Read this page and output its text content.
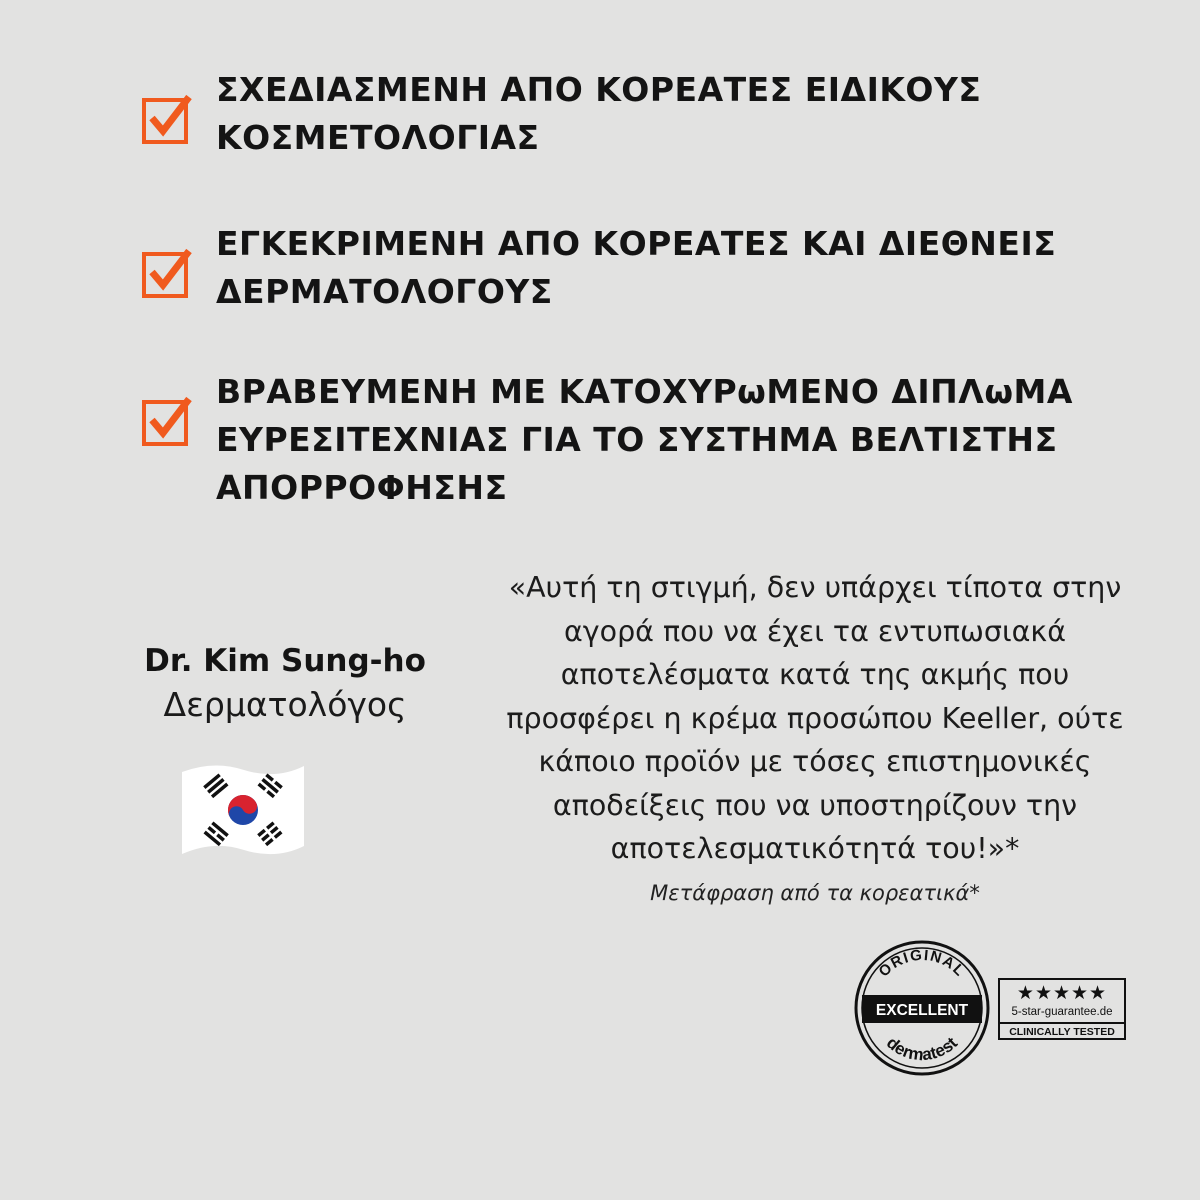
ΣΧΕΔΙΑΣΜΕΝΗ ΑΠΟ ΚΟΡΕΑΤΕΣ ΕΙΔΙΚΟΥΣ
ΚΟΣΜΕΤΟΛΟΓΙΑΣ
ΕΓΚΕΚΡΙΜΕΝΗ ΑΠΟ ΚΟΡΕΑΤΕΣ ΚΑΙ ΔΙΕΘΝΕΙΣ
ΔΕΡΜΑΤΟΛΟΓΟΥΣ
ΒΡΑΒΕΥΜΕΝΗ ΜΕ ΚΑΤΟΧΥΡωΜΕΝΟ ΔΙΠΛωΜΑ
ΕΥΡΕΣΙΤΕΧΝΙΑΣ ΓΙΑ ΤΟ ΣΥΣΤΗΜΑ ΒΕΛΤΙΣΤΗΣ
ΑΠΟΡΡΟΦΗΣΗΣ
Dr. Kim Sung-ho
Δερματολόγος
«Αυτή τη στιγμή, δεν υπάρχει τίποτα στην
αγορά που να έχει τα εντυπωσιακά
αποτελέσματα κατά της ακμής που
προσφέρει η κρέμα προσώπου Keeller, ούτε
κάποιο προϊόν με τόσες επιστημονικές
αποδείξεις που να υποστηρίζουν την
αποτελεσματικότητά του!»*
Μετάφραση από τα κορεατικά*
ORIGINAL
EXCELLENT
dermatest
★★★★★
5-star-guarantee.de
CLINICALLY TESTED
